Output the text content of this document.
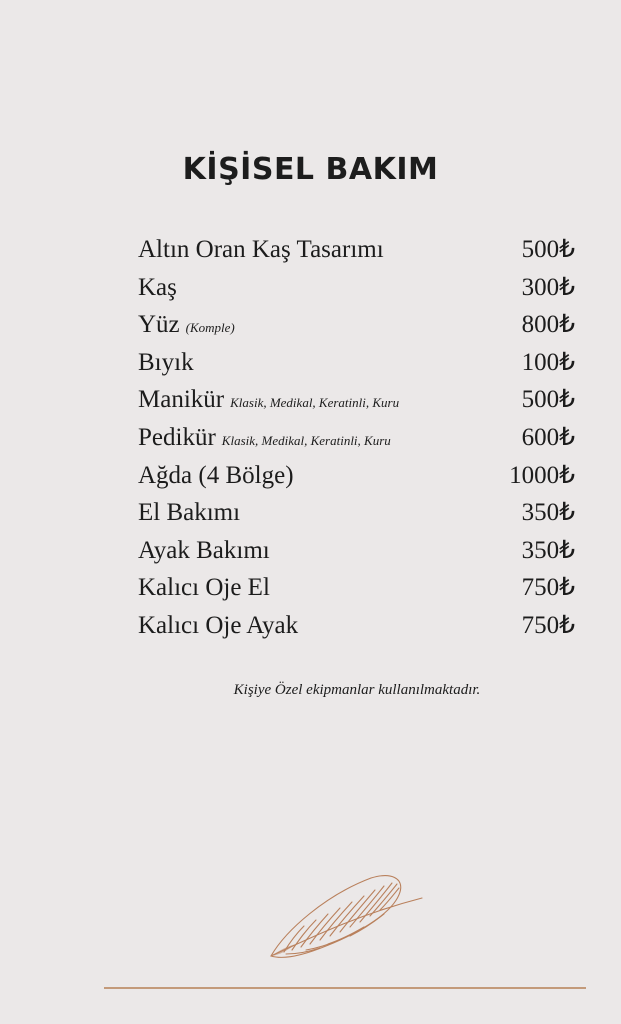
KİŞİSEL BAKIM
Altın Oran Kaş Tasarımı	500₺
Kaş	300₺
Yüz (Komple)	800₺
Bıyık	100₺
Manikür Klasik, Medikal, Keratinli, Kuru	500₺
Pedikür Klasik, Medikal, Keratinli, Kuru	600₺
Ağda (4 Bölge)	1000₺
El Bakımı	350₺
Ayak Bakımı	350₺
Kalıcı Oje El	750₺
Kalıcı Oje Ayak	750₺
Kişiye Özel ekipmanlar kullanılmaktadır.
